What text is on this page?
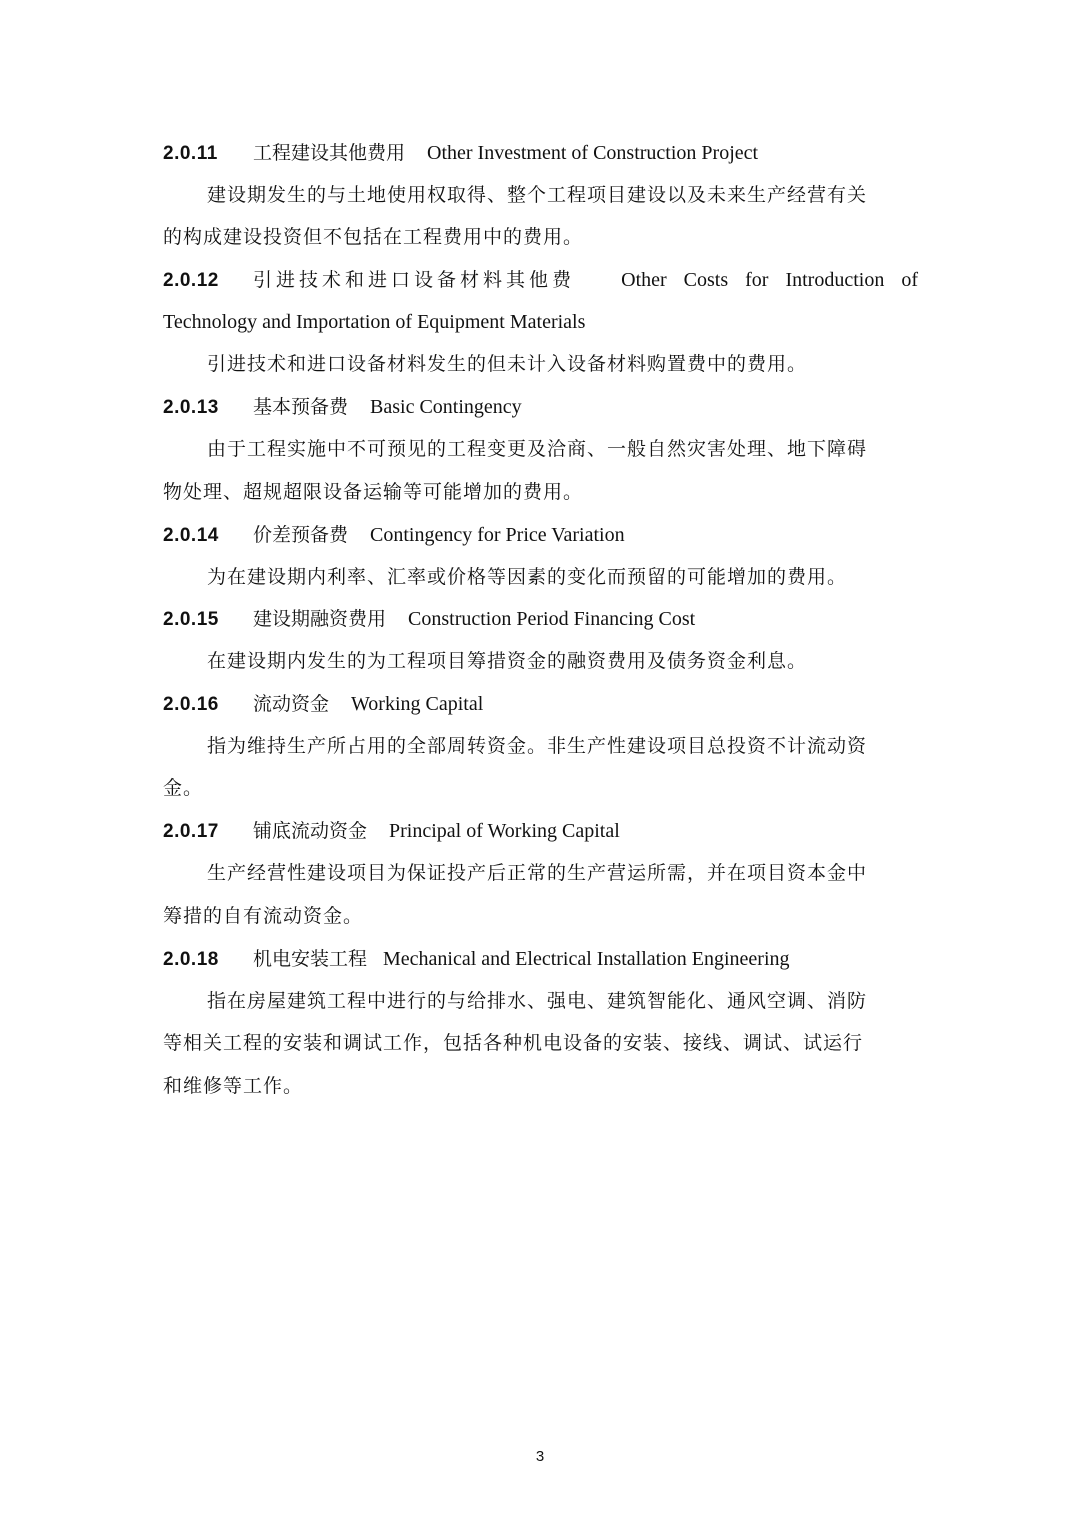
2.0.11 工程建设其他费用 Other Investment of Construction Project
建设期发生的与土地使用权取得、整个工程项目建设以及未来生产经营有关
的构成建设投资但不包括在工程费用中的费用。
2.0.12	引进技术和进口设备材料其他费 Other Costs for Introduction of
Technology and Importation of Equipment Materials
引进技术和进口设备材料发生的但未计入设备材料购置费中的费用。
2.0.13 基本预备费 Basic Contingency
由于工程实施中不可预见的工程变更及洽商、一般自然灾害处理、地下障碍
物处理、超规超限设备运输等可能增加的费用。
2.0.14 价差预备费 Contingency for Price Variation
为在建设期内利率、汇率或价格等因素的变化而预留的可能增加的费用。
2.0.15 建设期融资费用 Construction Period Financing Cost
在建设期内发生的为工程项目筹措资金的融资费用及债务资金利息。
2.0.16 流动资金 Working Capital
指为维持生产所占用的全部周转资金。非生产性建设项目总投资不计流动资
金。
2.0.17 铺底流动资金 Principal of Working Capital
生产经营性建设项目为保证投产后正常的生产营运所需，并在项目资本金中
筹措的自有流动资金。
2.0.18 机电安装工程 Mechanical and Electrical Installation Engineering
指在房屋建筑工程中进行的与给排水、强电、建筑智能化、通风空调、消防
等相关工程的安装和调试工作，包括各种机电设备的安装、接线、调试、试运行
和维修等工作。
3
